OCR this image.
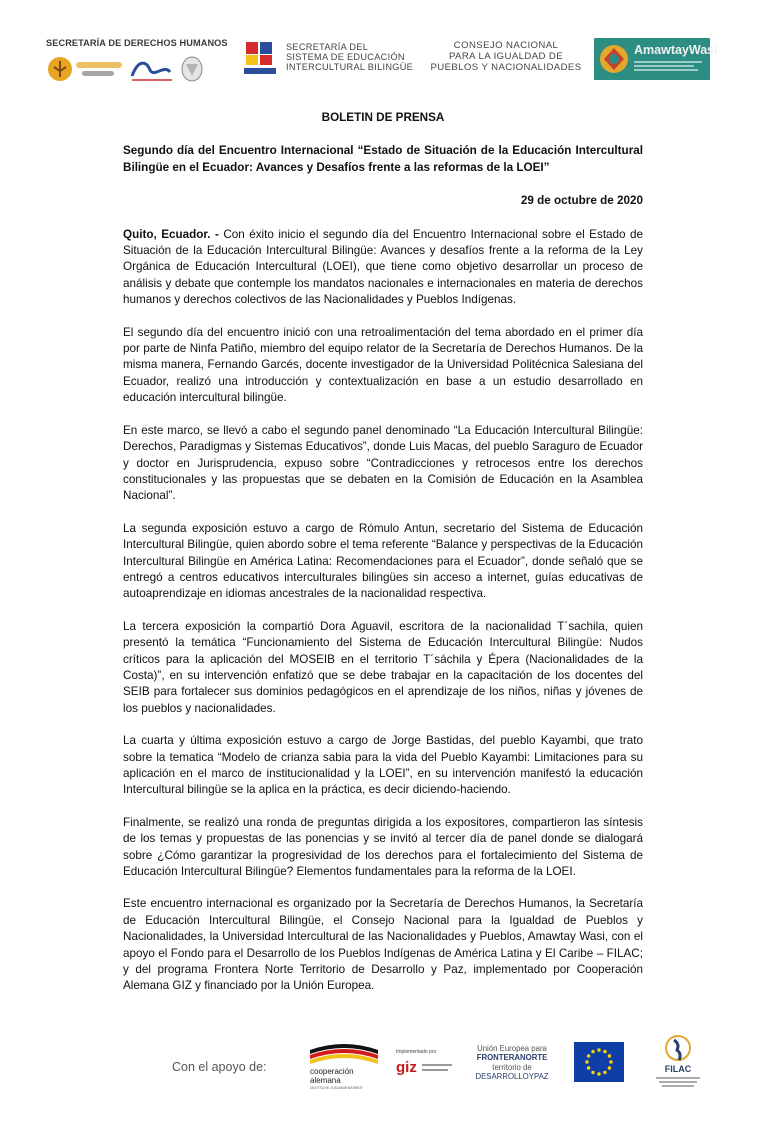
SECRETARÍA DE DERECHOS HUMANOS	SECRETARÍA DEL
SISTEMA DE EDUCACIÓN
INTERCULTURAL BILINGÜE
CONSEJO NACIONAL
PARA LA IGUALDAD DE
PUEBLOS Y NACIONALIDADES
AmawtayWasi
BOLETIN DE PRENSA
Segundo día del Encuentro Internacional “Estado de Situación de la Educación Intercultural Bilingüe en el Ecuador: Avances y Desafíos frente a las reformas de la LOEI”
29 de octubre de 2020

Quito, Ecuador. - Con éxito inicio el segundo día del Encuentro Internacional sobre el Estado de Situación de la Educación Intercultural Bilingüe: Avances y desafíos frente a la reforma de la Ley Orgánica de Educación Intercultural (LOEI), que tiene como objetivo desarrollar un proceso de análisis y debate que contemple los mandatos nacionales e internacionales en materia de derechos humanos y derechos colectivos de las Nacionalidades y Pueblos Indígenas.

El segundo día del encuentro inició con una retroalimentación del tema abordado en el primer día por parte de Ninfa Patiño, miembro del equipo relator de la Secretaría de Derechos Humanos. De la misma manera, Fernando Garcés, docente investigador de la Universidad Politécnica Salesiana del Ecuador, realizó una introducción y contextualización en base a un estudio desarrollado en educación intercultural bilingüe.

En este marco, se llevó a cabo el segundo panel denominado “La Educación Intercultural Bilingüe: Derechos, Paradigmas y Sistemas Educativos”, donde Luis Macas, del pueblo Saraguro de Ecuador y doctor en Jurisprudencia, expuso sobre “Contradicciones y retrocesos entre los derechos constitucionales y las propuestas que se debaten en la Comisión de Educación en la Asamblea Nacional”.

La segunda exposición estuvo a cargo de Rómulo Antun, secretario del Sistema de Educación Intercultural Bilingüe, quien abordo sobre el tema referente “Balance y perspectivas de la Educación Intercultural Bilingüe en América Latina: Recomendaciones para el Ecuador”, donde señaló que se entregó a centros educativos interculturales bilingües sin acceso a internet, guías educativas de autoaprendizaje en idiomas ancestrales de la nacionalidad respectiva.

La tercera exposición la compartió Dora Aguavil, escritora de la nacionalidad T´sachila, quien presentó la temática “Funcionamiento del Sistema de Educación Intercultural Bilingüe: Nudos críticos para la aplicación del MOSEIB en el territorio T´sáchila y Épera (Nacionalidades de la Costa)”, en su intervención enfatizó que se debe trabajar en la capacitación de los docentes del SEIB para fortalecer sus dominios pedagógicos en el aprendizaje de los niños, niñas y jóvenes de los pueblos y nacionalidades.

La cuarta y última exposición estuvo a cargo de Jorge Bastidas, del pueblo Kayambi, que trato sobre la tematica “Modelo de crianza sabia para la vida del Pueblo Kayambi: Limitaciones para su aplicación en el marco de institucionalidad y la LOEI”, en su intervención manifestó la educación Intercultural bilingüe se la aplica en la práctica, es decir diciendo-haciendo.

Finalmente, se realizó una ronda de preguntas dirigida a los expositores, compartieron las síntesis de los temas y propuestas de las ponencias y se invitó al tercer día de panel donde se dialogará sobre ¿Cómo garantizar la progresividad de los derechos para el fortalecimiento del Sistema de Educación Intercultural Bilingüe? Elementos fundamentales para la reforma de la LOEI.

Este encuentro internacional es organizado por la Secretaría de Derechos Humanos, la Secretaría de Educación Intercultural Bilingüe, el Consejo Nacional para la Igualdad de Pueblos y Nacionalidades, la Universidad Intercultural de las Nacionalidades y Pueblos, Amawtay Wasi, con el apoyo el Fondo para el Desarrollo de los Pueblos Indígenas de América Latina y El Caribe – FILAC; y del programa Frontera Norte Territorio de Desarrollo y Paz, implementado por Cooperación Alemana GIZ y financiado por la Unión Europea.

Con el apoyo de:	cooperación
alemana
DEUTSCHE ZUSAMMENARBEIT
Implementado por
giz
Unión Europea para
FRONTERANORTE
territorio de
DESARROLLOYPAZ
FILAC
